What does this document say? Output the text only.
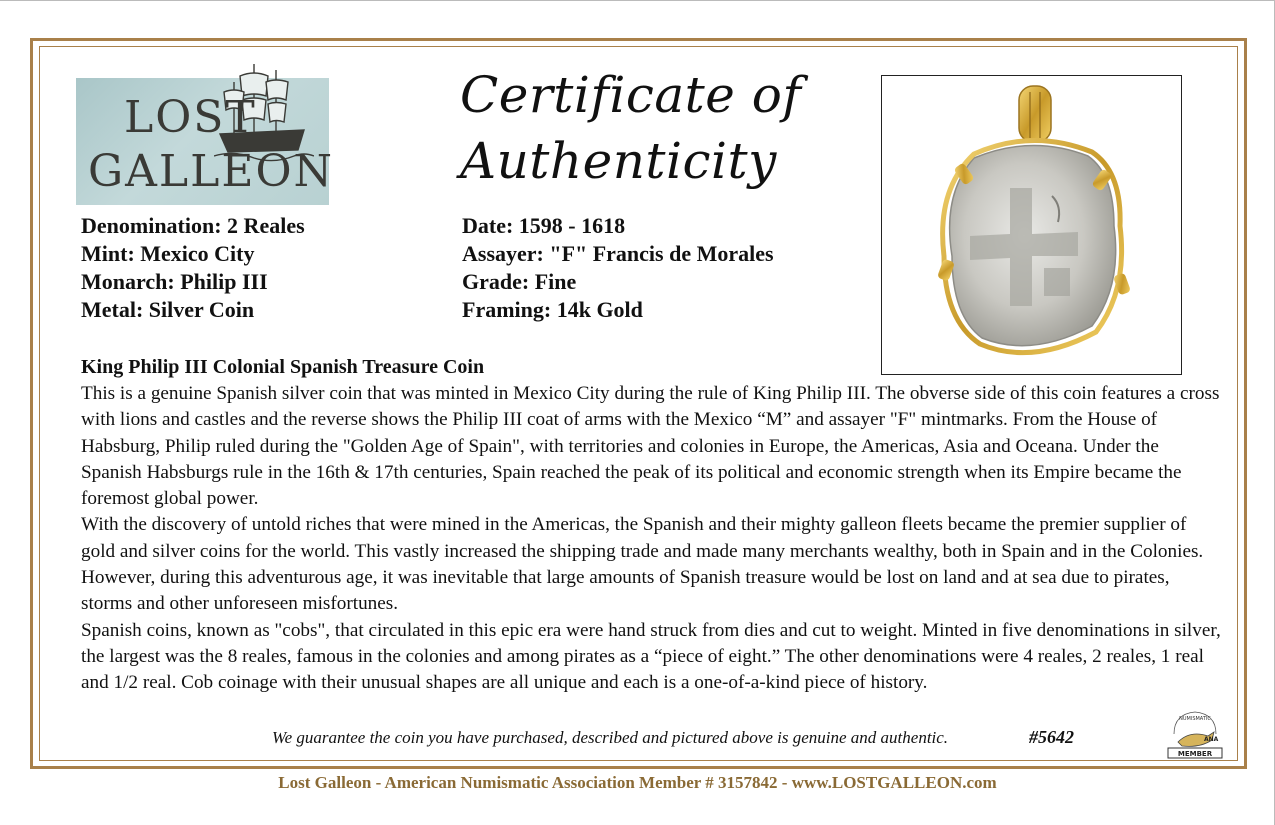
LOST
GALLEON
Certificate of
Authenticity
Denomination: 2 Reales
Mint: Mexico City
Monarch: Philip III
Metal: Silver Coin
Date: 1598 - 1618
Assayer: "F" Francis de Morales
Grade: Fine
Framing: 14k Gold
King Philip III Colonial Spanish Treasure Coin

This is a genuine Spanish silver coin that was minted in Mexico City during the rule of King Philip III. The obverse side of this coin features a cross with lions and castles and the reverse shows the Philip III coat of arms with the Mexico “M” and assayer "F" mintmarks. From the House of Habsburg, Philip ruled during the "Golden Age of Spain", with territories and colonies in Europe, the Americas, Asia and Oceana. Under the Spanish Habsburgs rule in the 16th & 17th centuries, Spain reached the peak of its political and economic strength when its Empire became the foremost global power.

With the discovery of untold riches that were mined in the Americas, the Spanish and their mighty galleon fleets became the premier supplier of gold and silver coins for the world. This vastly increased the shipping trade and made many merchants wealthy, both in Spain and in the Colonies. However, during this adventurous age, it was inevitable that large amounts of Spanish treasure would be lost on land and at sea due to pirates, storms and other unforeseen misfortunes.

Spanish coins, known as "cobs", that circulated in this epic era were hand struck from dies and cut to weight. Minted in five denominations in silver, the largest was the 8 reales, famous in the colonies and among pirates as a “piece of eight.” The other denominations were 4 reales, 2 reales, 1 real and 1/2 real. Cob coinage with their unusual shapes are all unique and each is a one-of-a-kind piece of history.

We guarantee the coin you have purchased, described and pictured above is genuine and authentic.	#5642
NUMISMATIC
ANA
MEMBER
Lost Galleon - American Numismatic Association Member # 3157842 - www.LOSTGALLEON.com
